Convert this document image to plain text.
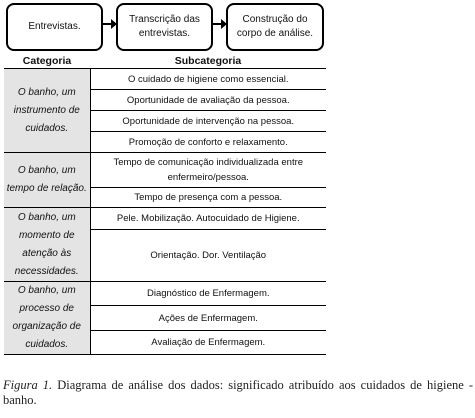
Entrevistas.
Transcrição das entrevistas.
Construção do corpo de análise.
Categoria	Subcategoria
O banho, um instrumento de cuidados.	O cuidado de higiene como essencial.
	Oportunidade de avaliação da pessoa.
	Oportunidade de intervenção na pessoa.
	Promoção de conforto e relaxamento.
O banho, um tempo de relação.	Tempo de comunicação individualizada entre enfermeiro/pessoa.
	Tempo de presença com a pessoa.
O banho, um momento de atenção às necessidades.	Pele. Mobilização. Autocuidado de Higiene.
	Orientação. Dor. Ventilação
O banho, um processo de organização de cuidados.	Diagnóstico de Enfermagem.
	Ações de Enfermagem.
	Avaliação de Enfermagem.
Figura 1. Diagrama de análise dos dados: significado atribuído aos cuidados de higiene - banho.
